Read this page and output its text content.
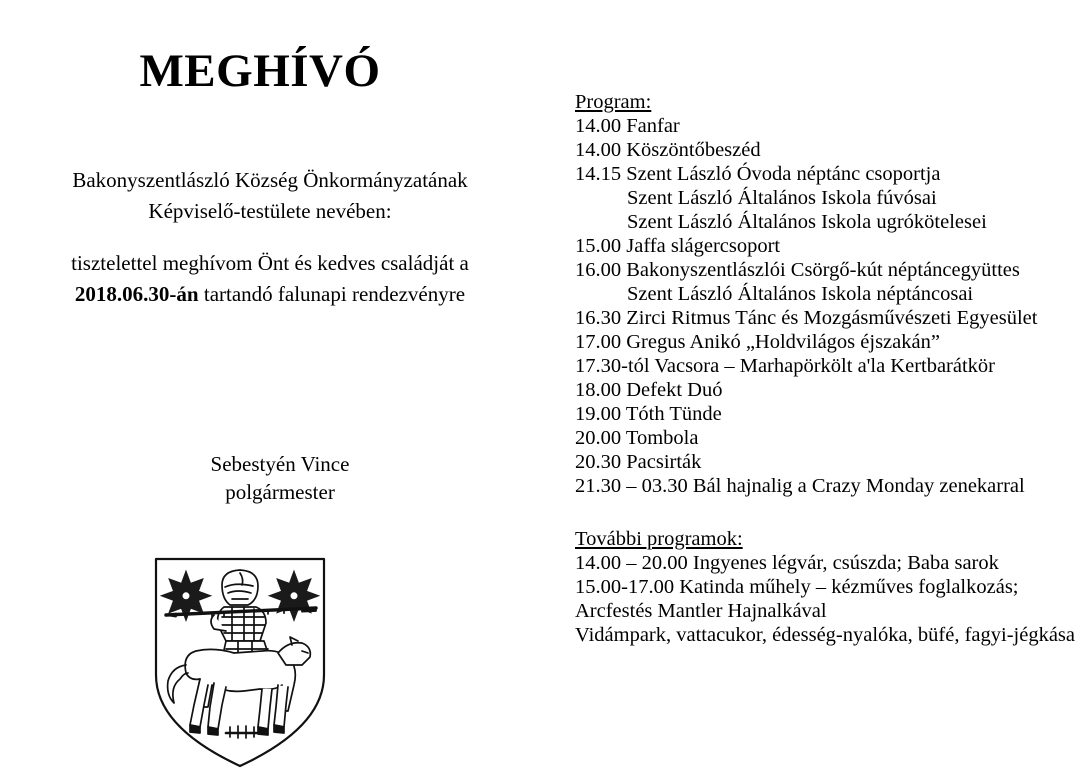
MEGHÍVÓ
Bakonyszentlászló Község Önkormányzatának
Képviselő-testülete nevében:
tisztelettel meghívom Önt és kedves családját a
2018.06.30-án tartandó falunapi rendezvényre
Sebestyén Vince
polgármester
Program:
14.00 Fanfar
14.00 Köszöntőbeszéd
14.15 Szent László Óvoda néptánc csoportja
Szent László Általános Iskola fúvósai
Szent László Általános Iskola ugrókötelesei
15.00 Jaffa slágercsoport
16.00 Bakonyszentlászlói Csörgő-kút néptáncegyüttes
Szent László Általános Iskola néptáncosai
16.30 Zirci Ritmus Tánc és Mozgásművészeti Egyesület
17.00 Gregus Anikó „Holdvilágos éjszakán”
17.30-tól Vacsora – Marhapörkölt a'la Kertbarátkör
18.00 Defekt Duó
19.00 Tóth Tünde
20.00 Tombola
20.30 Pacsirták
21.30 – 03.30 Bál hajnalig a Crazy Monday zenekarral
További programok:
14.00 – 20.00 Ingyenes légvár, csúszda; Baba sarok
15.00-17.00 Katinda műhely – kézműves foglalkozás;
Arcfestés Mantler Hajnalkával
Vidámpark, vattacukor, édesség-nyalóka, büfé, fagyi-jégkása
